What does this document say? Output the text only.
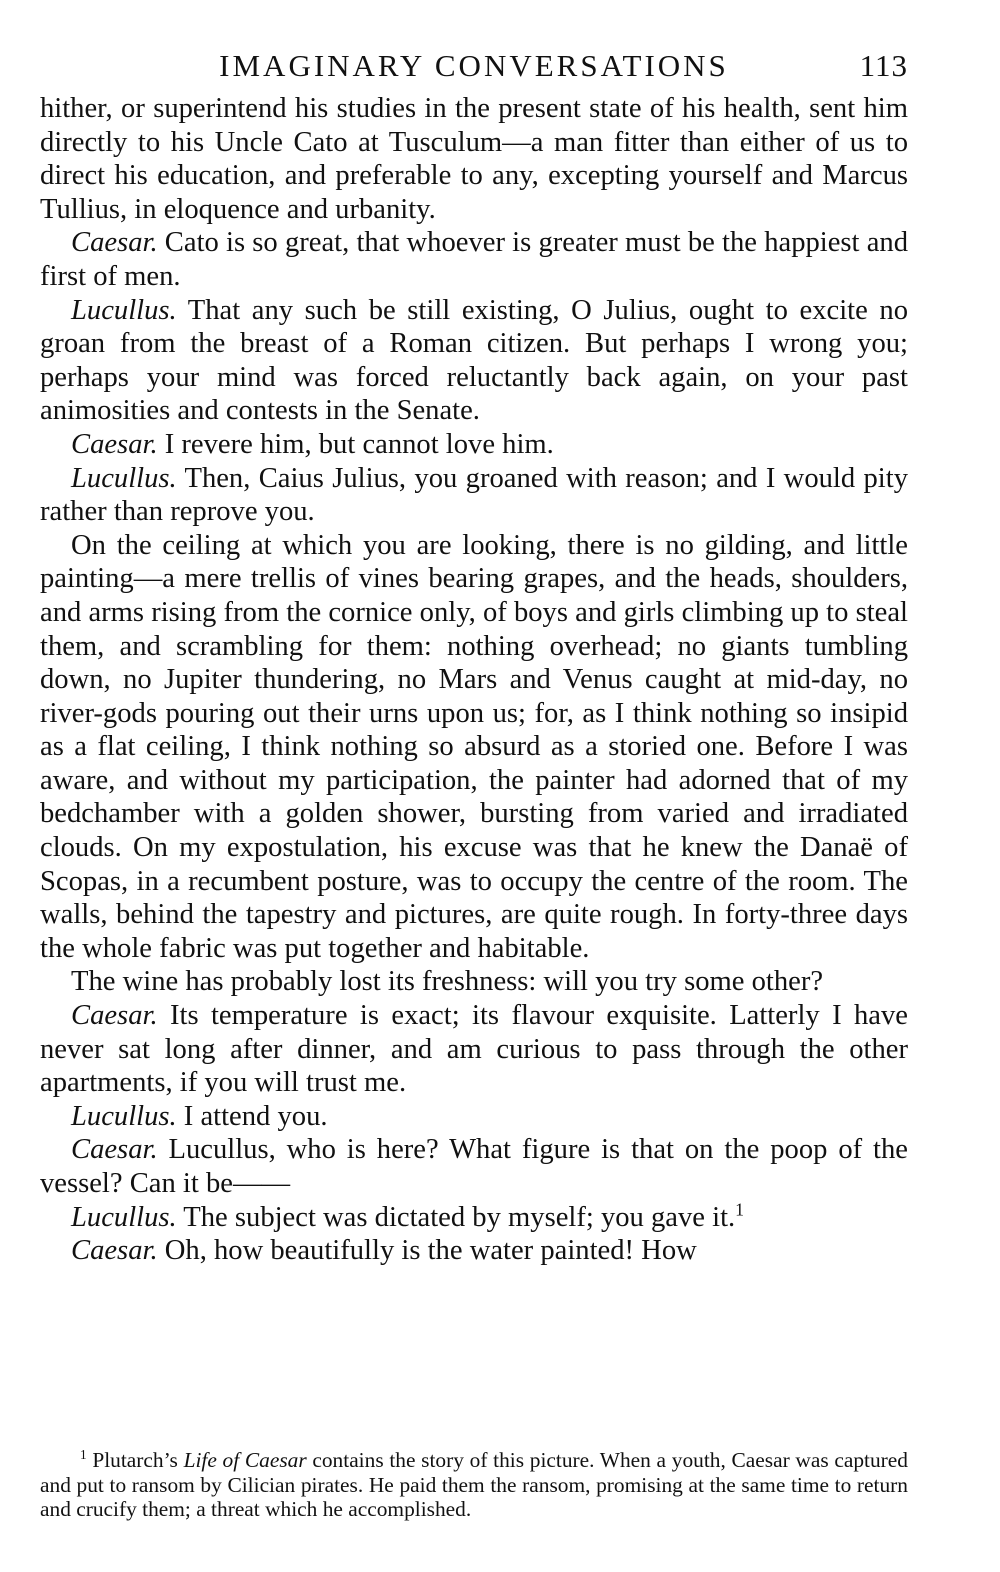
IMAGINARY CONVERSATIONS	113

hither, or superintend his studies in the present state of his health, sent him directly to his Uncle Cato at Tusculum—a man fitter than either of us to direct his education, and preferable to any, excepting yourself and Marcus Tullius, in eloquence and urbanity.

Caesar. Cato is so great, that whoever is greater must be the happiest and first of men.

Lucullus. That any such be still existing, O Julius, ought to excite no groan from the breast of a Roman citizen. But perhaps I wrong you; perhaps your mind was forced reluctantly back again, on your past animosities and contests in the Senate.

Caesar. I revere him, but cannot love him.

Lucullus. Then, Caius Julius, you groaned with reason; and I would pity rather than reprove you.

On the ceiling at which you are looking, there is no gilding, and little painting—a mere trellis of vines bearing grapes, and the heads, shoulders, and arms rising from the cornice only, of boys and girls climbing up to steal them, and scrambling for them: nothing overhead; no giants tumbling down, no Jupiter thundering, no Mars and Venus caught at mid-day, no river-gods pouring out their urns upon us; for, as I think nothing so insipid as a flat ceiling, I think nothing so absurd as a storied one. Before I was aware, and without my participation, the painter had adorned that of my bedchamber with a golden shower, bursting from varied and irradiated clouds. On my expostulation, his excuse was that he knew the Danaë of Scopas, in a recumbent posture, was to occupy the centre of the room. The walls, behind the tapestry and pictures, are quite rough. In forty-three days the whole fabric was put together and habitable.

The wine has probably lost its freshness: will you try some other?

Caesar. Its temperature is exact; its flavour exquisite. Latterly I have never sat long after dinner, and am curious to pass through the other apartments, if you will trust me.

Lucullus. I attend you.

Caesar. Lucullus, who is here? What figure is that on the poop of the vessel? Can it be——

Lucullus. The subject was dictated by myself; you gave it.$^1$

Caesar. Oh, how beautifully is the water painted! How

$^1$ Plutarch’s Life of Caesar contains the story of this picture. When a youth, Caesar was captured and put to ransom by Cilician pirates. He paid them the ransom, promising at the same time to return and crucify them; a threat which he accomplished.
